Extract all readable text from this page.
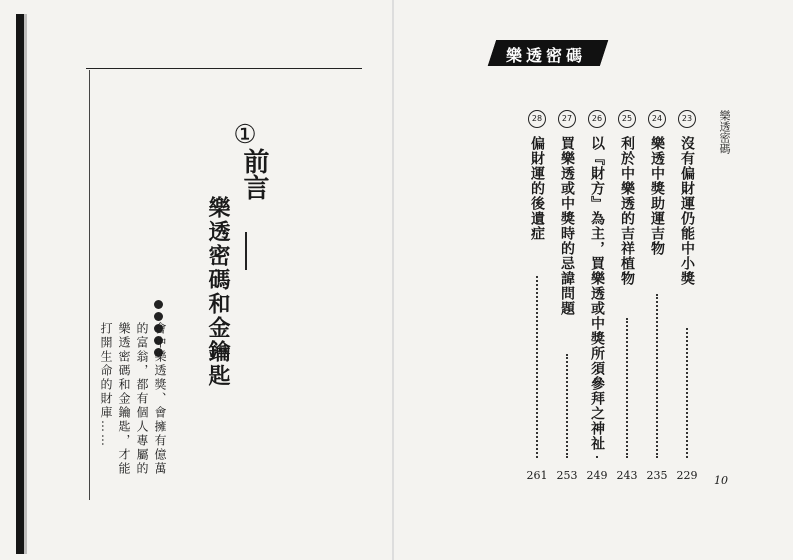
①
前言
樂透密碼和金鑰匙
會中樂透獎、會擁有億萬的富翁，都有個人專屬的樂透密碼和金鑰匙，才能打開生命的財庫……
樂透密碼
樂透密碼
23
沒有偏財運仍能中小獎
229
24
樂透中獎助運吉物
235
25
利於中樂透的吉祥植物
243
26
以『財方』為主，買樂透或中獎所須參拜之神祉
249
27
買樂透或中獎時的忌諱問題
253
28
偏財運的後遺症
261	10
